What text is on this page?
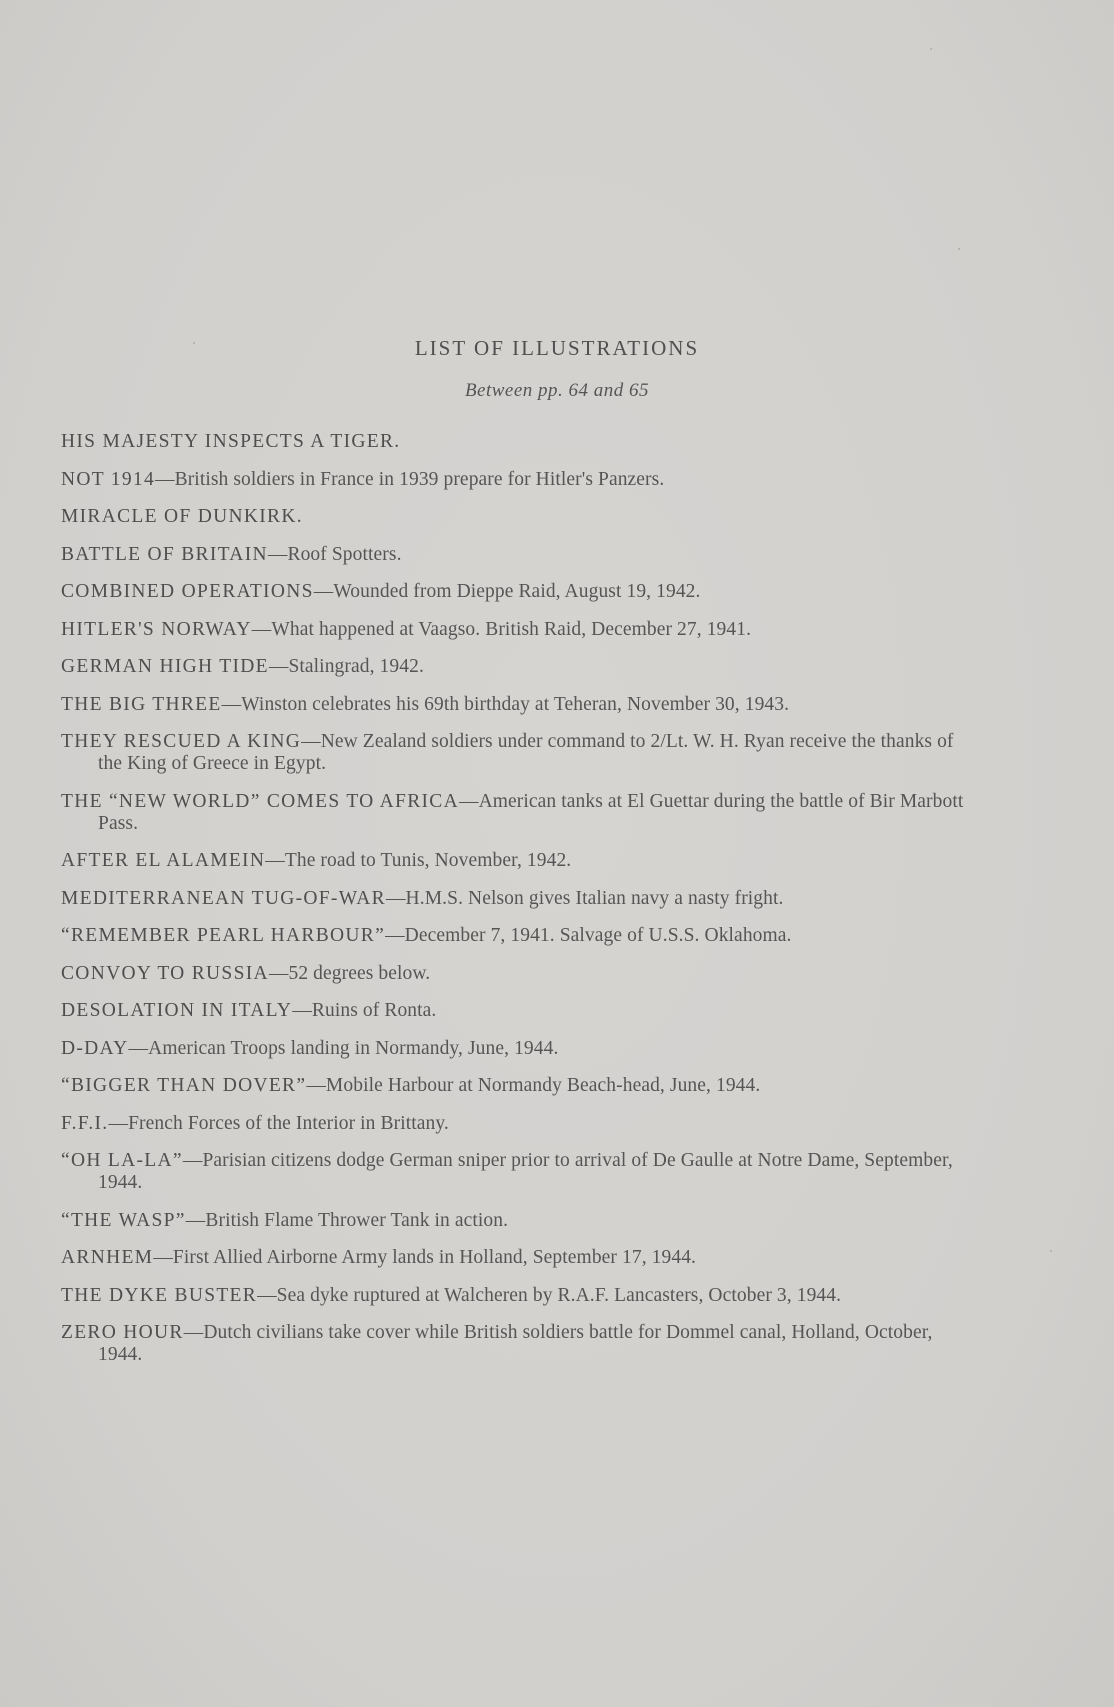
LIST OF ILLUSTRATIONS
Between pp. 64 and 65
HIS MAJESTY INSPECTS A TIGER.
NOT 1914—British soldiers in France in 1939 prepare for Hitler's Panzers.
MIRACLE OF DUNKIRK.
BATTLE OF BRITAIN—Roof Spotters.
COMBINED OPERATIONS—Wounded from Dieppe Raid, August 19, 1942.
HITLER'S NORWAY—What happened at Vaagso. British Raid, December 27, 1941.
GERMAN HIGH TIDE—Stalingrad, 1942.
THE BIG THREE—Winston celebrates his 69th birthday at Teheran, November 30, 1943.
THEY RESCUED A KING—New Zealand soldiers under command to 2/Lt. W. H. Ryan receive the thanks of the King of Greece in Egypt.
THE “NEW WORLD” COMES TO AFRICA—American tanks at El Guettar during the battle of Bir Marbott Pass.
AFTER EL ALAMEIN—The road to Tunis, November, 1942.
MEDITERRANEAN TUG-OF-WAR—H.M.S. Nelson gives Italian navy a nasty fright.
“REMEMBER PEARL HARBOUR”—December 7, 1941. Salvage of U.S.S. Oklahoma.
CONVOY TO RUSSIA—52 degrees below.
DESOLATION IN ITALY—Ruins of Ronta.
D-DAY—American Troops landing in Normandy, June, 1944.
“BIGGER THAN DOVER”—Mobile Harbour at Normandy Beach-head, June, 1944.
F.F.I.—French Forces of the Interior in Brittany.
“OH LA-LA”—Parisian citizens dodge German sniper prior to arrival of De Gaulle at Notre Dame, September, 1944.
“THE WASP”—British Flame Thrower Tank in action.
ARNHEM—First Allied Airborne Army lands in Holland, September 17, 1944.
THE DYKE BUSTER—Sea dyke ruptured at Walcheren by R.A.F. Lancasters, October 3, 1944.
ZERO HOUR—Dutch civilians take cover while British soldiers battle for Dommel canal, Holland, October, 1944.
